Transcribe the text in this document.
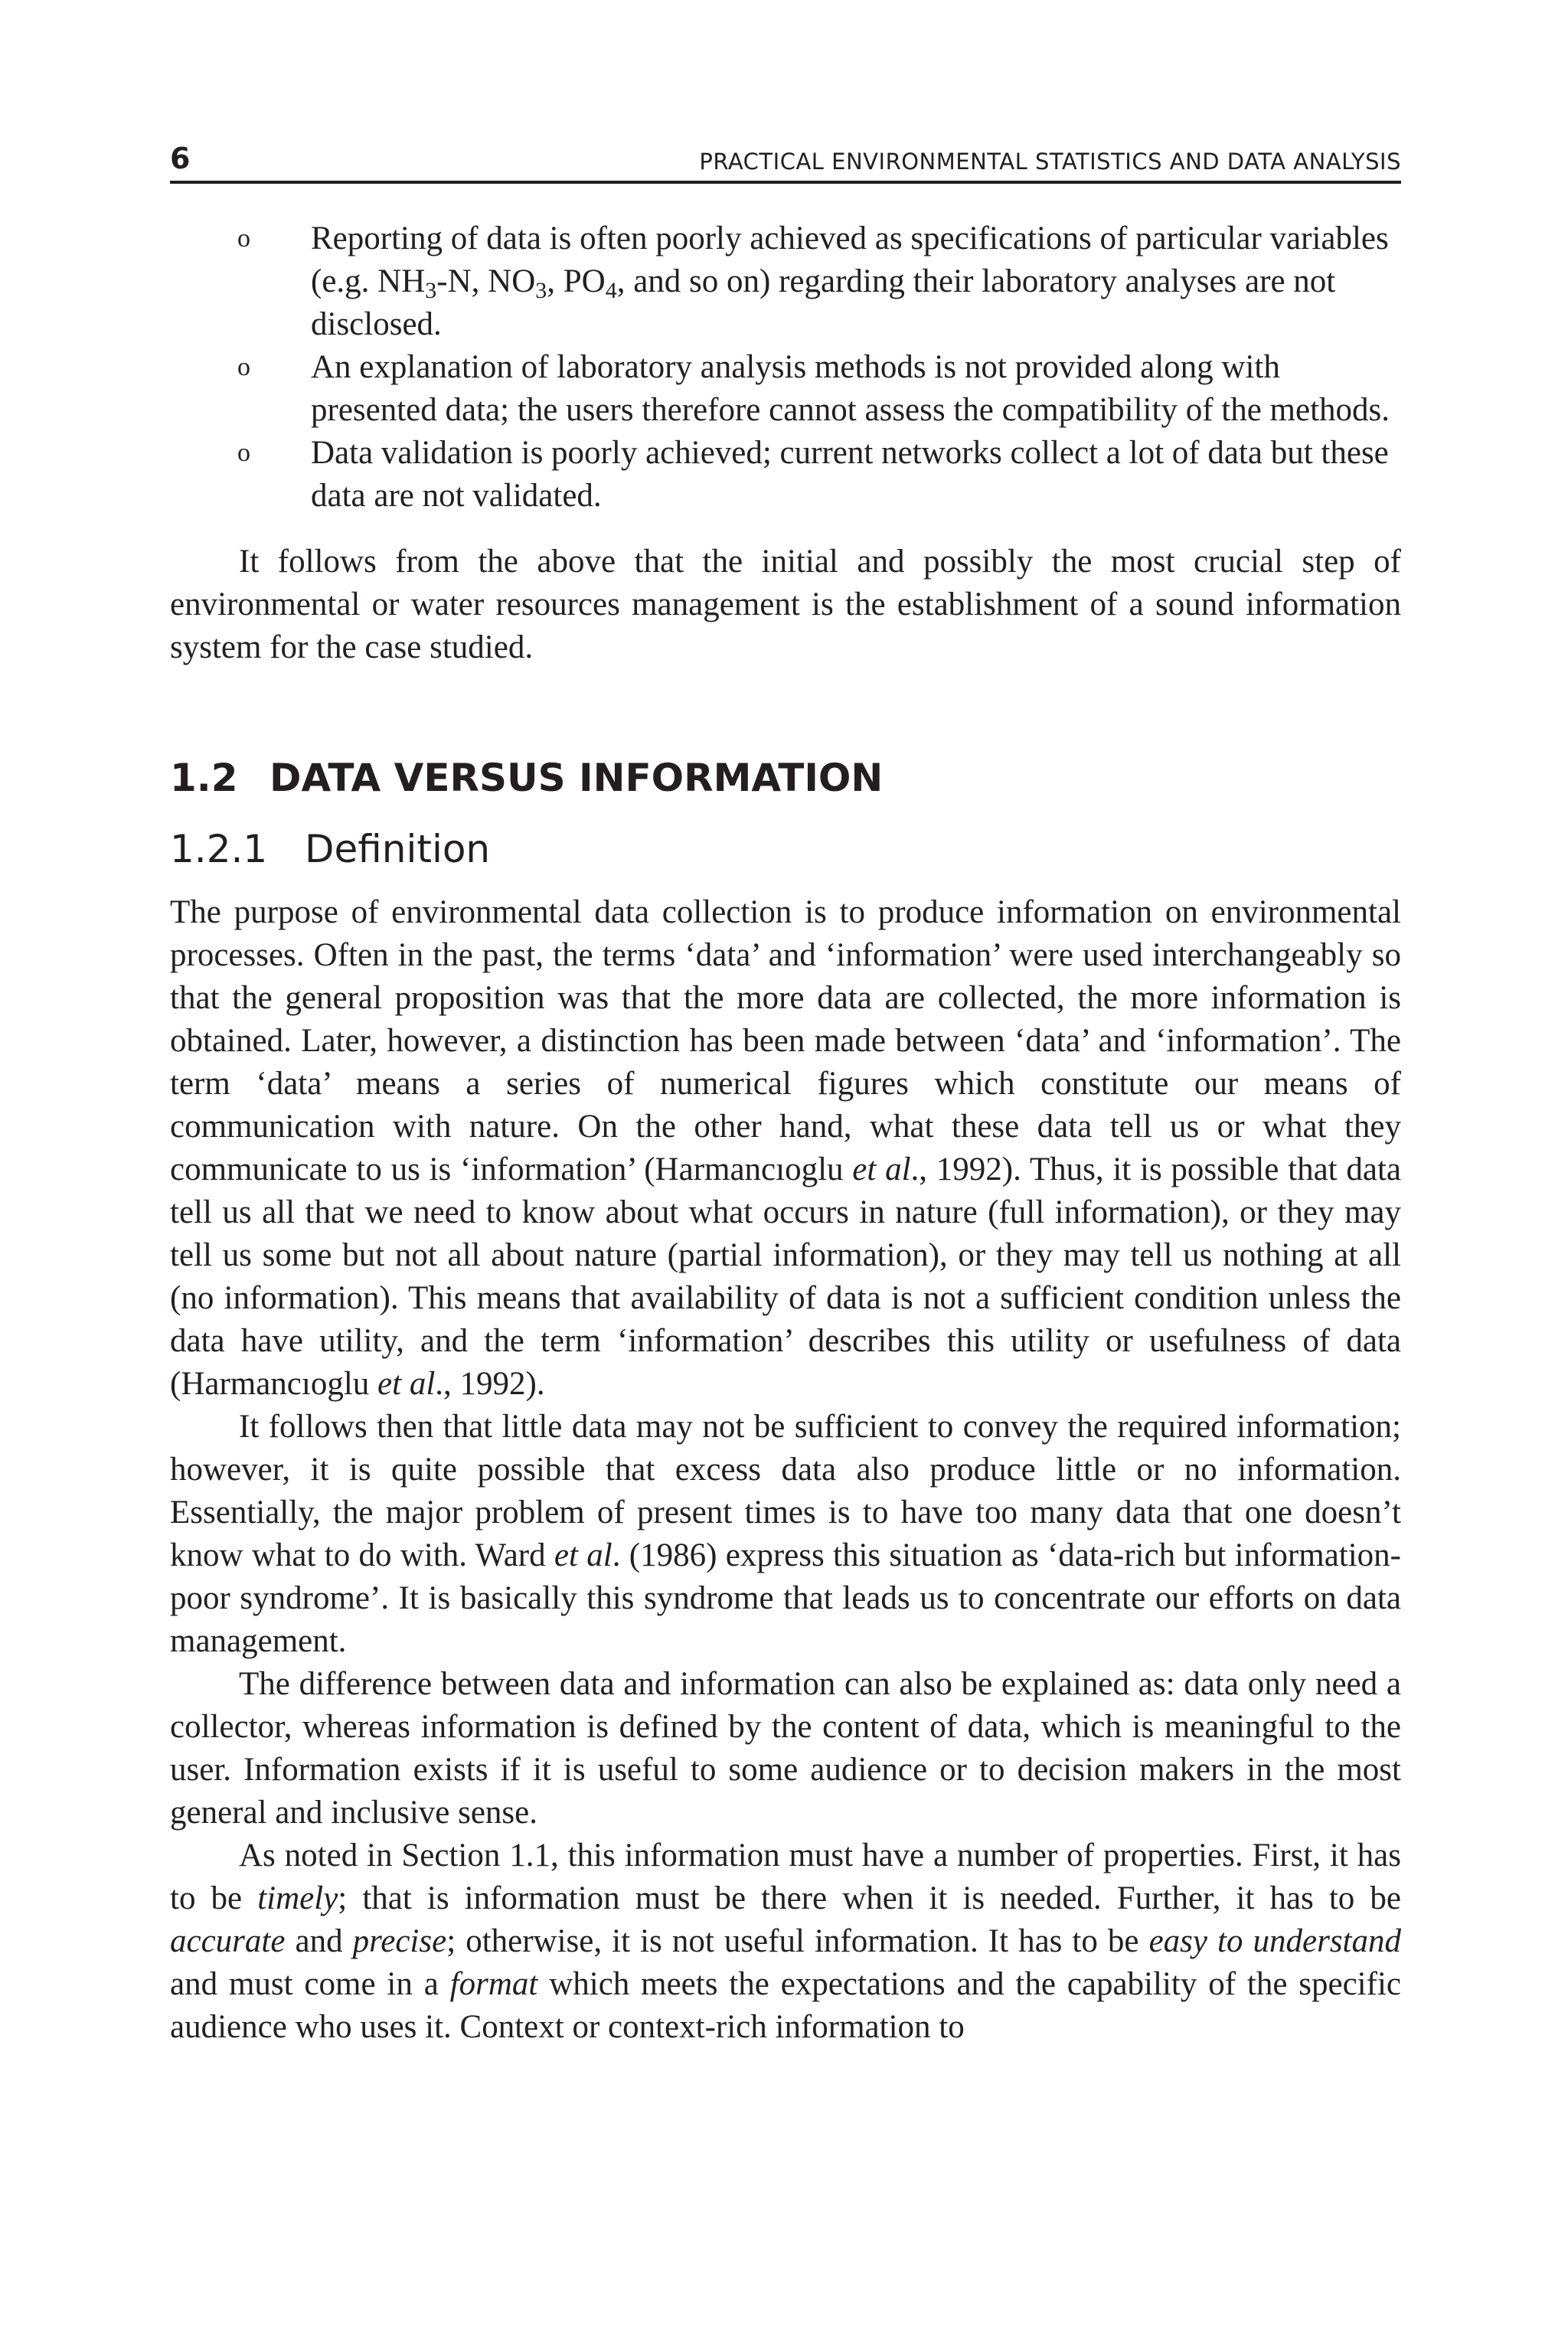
6	PRACTICAL ENVIRONMENTAL STATISTICS AND DATA ANALYSIS
o Reporting of data is often poorly achieved as specifications of particular variables (e.g. $NH_3-N$, $NO_3$, $PO_4$, and so on) regarding their laboratory analyses are not disclosed.
o An explanation of laboratory analysis methods is not provided along with presented data; the users therefore cannot assess the compatibility of the methods.
o Data validation is poorly achieved; current networks collect a lot of data but these data are not validated.

It follows from the above that the initial and possibly the most crucial step of environmental or water resources management is the establishment of a sound information system for the case studied.

1.2 DATA VERSUS INFORMATION
1.2.1 Definition

The purpose of environmental data collection is to produce information on environmental processes. Often in the past, the terms ‘data’ and ‘information’ were used interchangeably so that the general proposition was that the more data are collected, the more information is obtained. Later, however, a distinction has been made between ‘data’ and ‘information’. The term ‘data’ means a series of numerical figures which constitute our means of communication with nature. On the other hand, what these data tell us or what they communicate to us is ‘information’ (Harmancıoglu et al., 1992). Thus, it is possible that data tell us all that we need to know about what occurs in nature (full information), or they may tell us some but not all about nature (partial information), or they may tell us nothing at all (no information). This means that availability of data is not a sufficient condition unless the data have utility, and the term ‘information’ describes this utility or usefulness of data (Harmancıoglu et al., 1992).

It follows then that little data may not be sufficient to convey the required information; however, it is quite possible that excess data also produce little or no information. Essentially, the major problem of present times is to have too many data that one doesn’t know what to do with. Ward et al. (1986) express this situation as ‘data-rich but information-poor syndrome’. It is basically this syndrome that leads us to concentrate our efforts on data management.

The difference between data and information can also be explained as: data only need a collector, whereas information is defined by the content of data, which is meaningful to the user. Information exists if it is useful to some audience or to decision makers in the most general and inclusive sense.

As noted in Section 1.1, this information must have a number of properties. First, it has to be timely; that is information must be there when it is needed. Further, it has to be accurate and precise; otherwise, it is not useful information. It has to be easy to understand and must come in a format which meets the expectations and the capability of the specific audience who uses it. Context or context-rich information to
